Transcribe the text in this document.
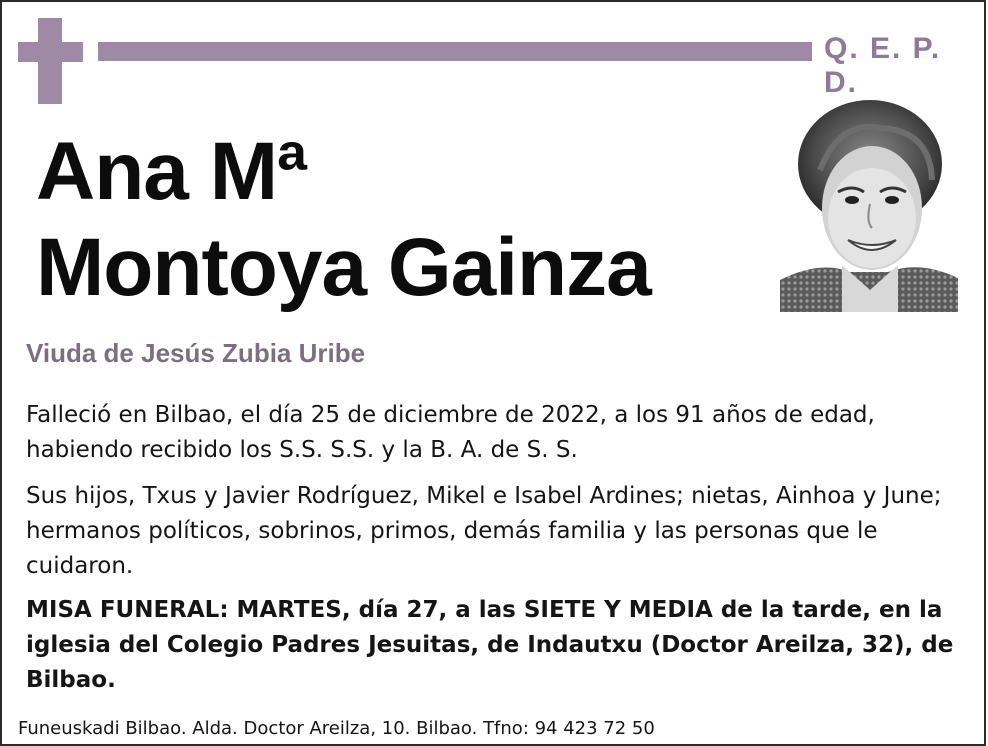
Q. E. P. D.
Ana Mª
Montoya Gainza
Viuda de Jesús Zubia Uribe

Falleció en Bilbao, el día 25 de diciembre de 2022, a los 91 años de edad, habiendo recibido los S.S. S.S. y la B. A. de S. S.

Sus hijos, Txus y Javier Rodríguez, Mikel e Isabel Ardines; nietas, Ainhoa y June; hermanos políticos, sobrinos, primos, demás familia y las personas que le cuidaron.

MISA FUNERAL: MARTES, día 27, a las SIETE Y MEDIA de la tarde, en la iglesia del Colegio Padres Jesuitas, de Indautxu (Doctor Areilza, 32), de Bilbao.

Funeuskadi Bilbao. Alda. Doctor Areilza, 10. Bilbao. Tfno: 94 423 72 50
